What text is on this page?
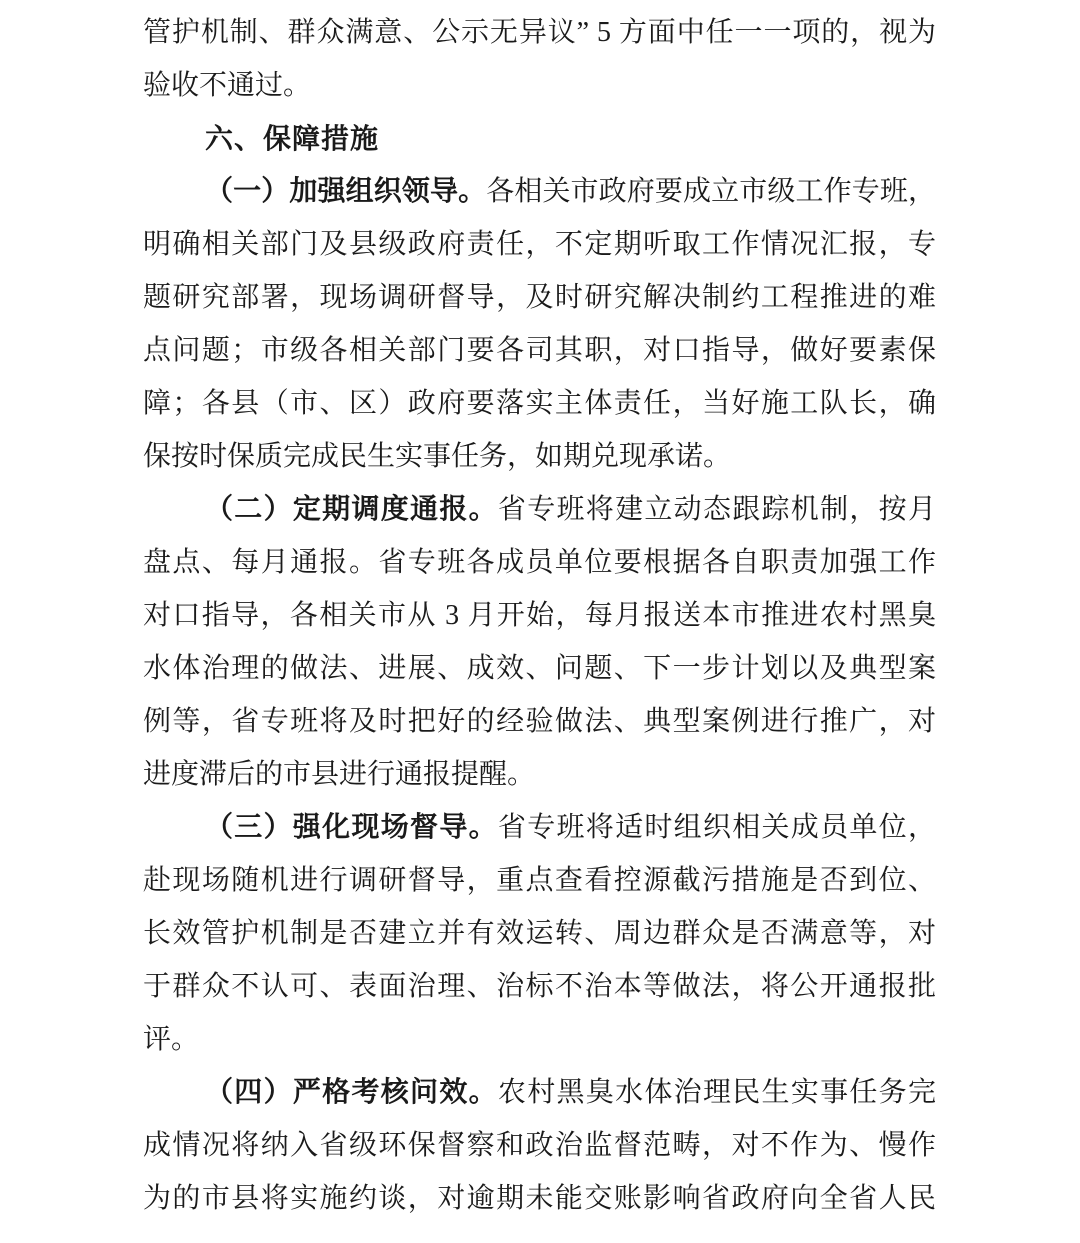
管护机制、群众满意、公示无异议” 5 方面中任一一项的，视为
验收不通过。
六、保障措施
（一）加强组织领导。各相关市政府要成立市级工作专班，
明确相关部门及县级政府责任，不定期听取工作情况汇报，专
题研究部署，现场调研督导，及时研究解决制约工程推进的难
点问题；市级各相关部门要各司其职，对口指导，做好要素保
障；各县（市、区）政府要落实主体责任，当好施工队长，确
保按时保质完成民生实事任务，如期兑现承诺。
（二）定期调度通报。省专班将建立动态跟踪机制，按月
盘点、每月通报。省专班各成员单位要根据各自职责加强工作
对口指导，各相关市从 3 月开始，每月报送本市推进农村黑臭
水体治理的做法、进展、成效、问题、下一步计划以及典型案
例等，省专班将及时把好的经验做法、典型案例进行推广，对
进度滞后的市县进行通报提醒。
（三）强化现场督导。省专班将适时组织相关成员单位，
赴现场随机进行调研督导，重点查看控源截污措施是否到位、
长效管护机制是否建立并有效运转、周边群众是否满意等，对
于群众不认可、表面治理、治标不治本等做法，将公开通报批
评。
（四）严格考核问效。农村黑臭水体治理民生实事任务完
成情况将纳入省级环保督察和政治监督范畴，对不作为、慢作
为的市县将实施约谈，对逾期未能交账影响省政府向全省人民
